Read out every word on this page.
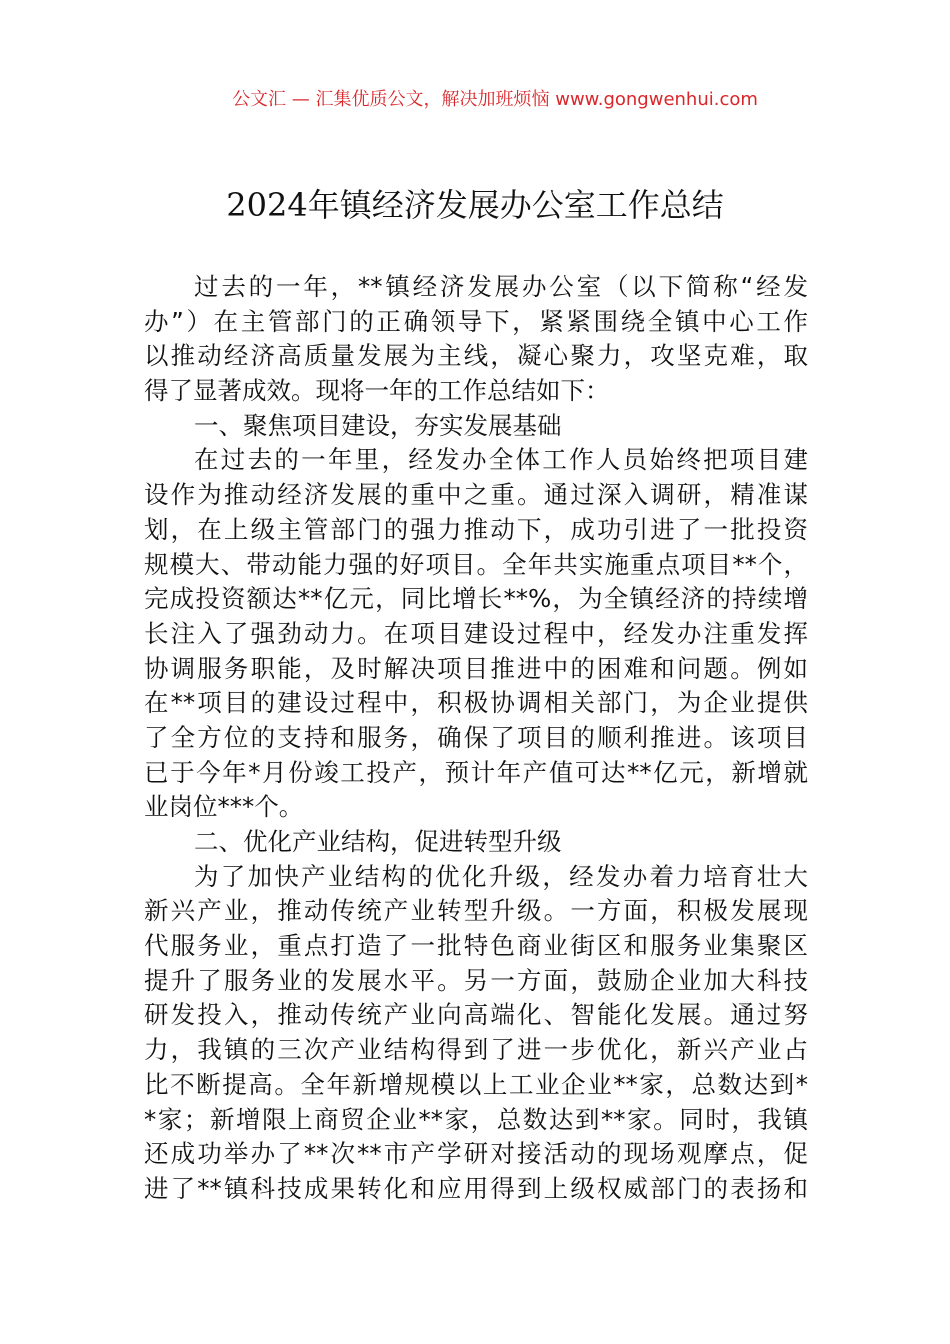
公文汇 — 汇集优质公文，解决加班烦恼 www.gongwenhui.com
2024年镇经济发展办公室工作总结
过去的一年，**镇经济发展办公室（以下简称“经发
办”）在主管部门的正确领导下，紧紧围绕全镇中心工作
以推动经济高质量发展为主线，凝心聚力，攻坚克难，取
得了显著成效。现将一年的工作总结如下：
一、聚焦项目建设，夯实发展基础
在过去的一年里，经发办全体工作人员始终把项目建
设作为推动经济发展的重中之重。通过深入调研，精准谋
划，在上级主管部门的强力推动下，成功引进了一批投资
规模大、带动能力强的好项目。全年共实施重点项目**个，
完成投资额达**亿元，同比增长**%，为全镇经济的持续增
长注入了强劲动力。在项目建设过程中，经发办注重发挥
协调服务职能，及时解决项目推进中的困难和问题。例如
在**项目的建设过程中，积极协调相关部门，为企业提供
了全方位的支持和服务，确保了项目的顺利推进。该项目
已于今年*月份竣工投产，预计年产值可达**亿元，新增就
业岗位***个。
二、优化产业结构，促进转型升级
为了加快产业结构的优化升级，经发办着力培育壮大
新兴产业，推动传统产业转型升级。一方面，积极发展现
代服务业，重点打造了一批特色商业街区和服务业集聚区
提升了服务业的发展水平。另一方面，鼓励企业加大科技
研发投入，推动传统产业向高端化、智能化发展。通过努
力，我镇的三次产业结构得到了进一步优化，新兴产业占
比不断提高。全年新增规模以上工业企业**家，总数达到*
*家；新增限上商贸企业**家，总数达到**家。同时，我镇
还成功举办了**次**市产学研对接活动的现场观摩点，促
进了**镇科技成果转化和应用得到上级权威部门的表扬和
